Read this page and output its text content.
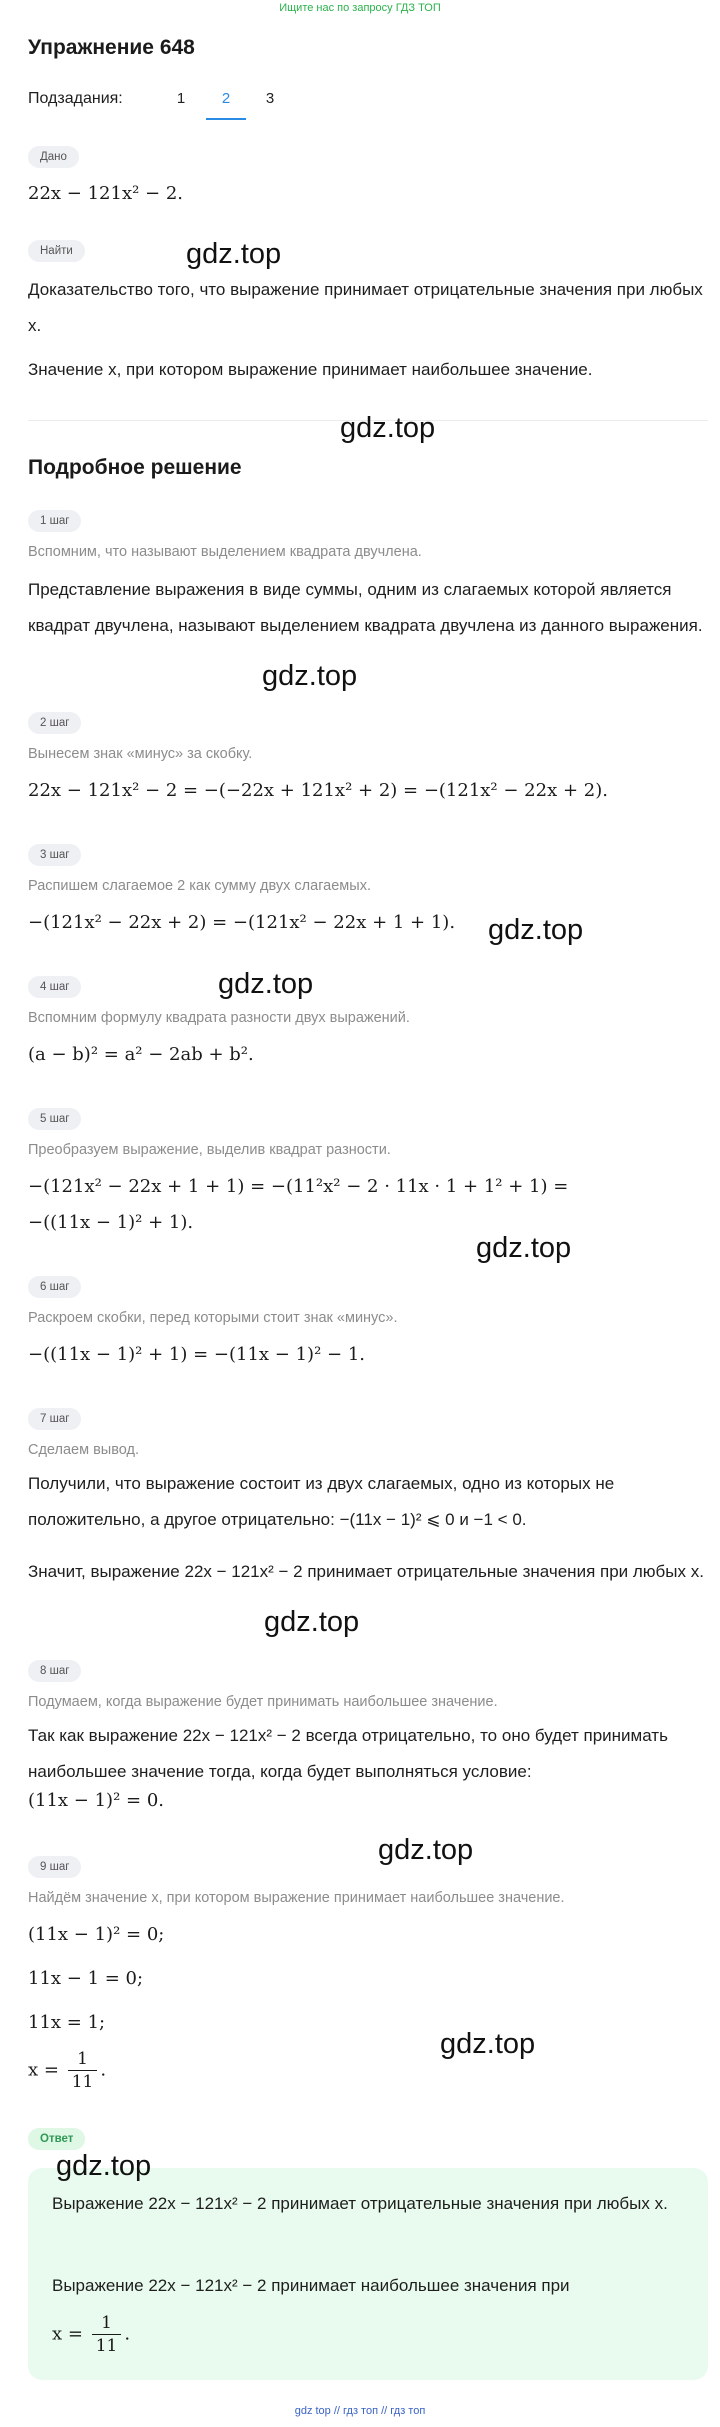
Ищите нас по запросу ГДЗ ТОП
Упражнение 648
Подзадания:	1	2	3
Дано
22x − 121x² − 2.
Найти
Доказательство того, что выражение принимает отрицательные значения при любых x.
Значение x, при котором выражение принимает наибольшее значение.
Подробное решение
1 шаг
Вспомним, что называют выделением квадрата двучлена.
Представление выражения в виде суммы, одним из слагаемых которой является квадрат двучлена, называют выделением квадрата двучлена из данного выражения.
2 шаг
Вынесем знак «минус» за скобку.
22x − 121x² − 2 = −(−22x + 121x² + 2) = −(121x² − 22x + 2).
3 шаг
Распишем слагаемое 2 как сумму двух слагаемых.
−(121x² − 22x + 2) = −(121x² − 22x + 1 + 1).
4 шаг
Вспомним формулу квадрата разности двух выражений.
(a − b)² = a² − 2ab + b².
5 шаг
Преобразуем выражение, выделив квадрат разности.
−(121x² − 22x + 1 + 1) = −(11²x² − 2 · 11x · 1 + 1² + 1) =
−((11x − 1)² + 1).
6 шаг
Раскроем скобки, перед которыми стоит знак «минус».
−((11x − 1)² + 1) = −(11x − 1)² − 1.
7 шаг
Сделаем вывод.
Получили, что выражение состоит из двух слагаемых, одно из которых не положительно, а другое отрицательно: −(11x − 1)² ⩽ 0 и −1 < 0.
Значит, выражение 22x − 121x² − 2 принимает отрицательные значения при любых x.
8 шаг
Подумаем, когда выражение будет принимать наибольшее значение.
Так как выражение 22x − 121x² − 2 всегда отрицательно, то оно будет принимать наибольшее значение тогда, когда будет выполняться условие:
(11x − 1)² = 0.
9 шаг
Найдём значение x, при котором выражение принимает наибольшее значение.
(11x − 1)² = 0;
11x − 1 = 0;
11x = 1;
$x = \frac{1}{11}$ .
Ответ
Выражение 22x − 121x² − 2 принимает отрицательные значения при любых x.
Выражение 22x − 121x² − 2 принимает наибольшее значения при
$x = \frac{1}{11}$ .
gdz.top
gdz.top
gdz.top
gdz.top
gdz.top
gdz.top
gdz.top
gdz.top
gdz.top
gdz.top
gdz top // гдз топ // гдз топ
